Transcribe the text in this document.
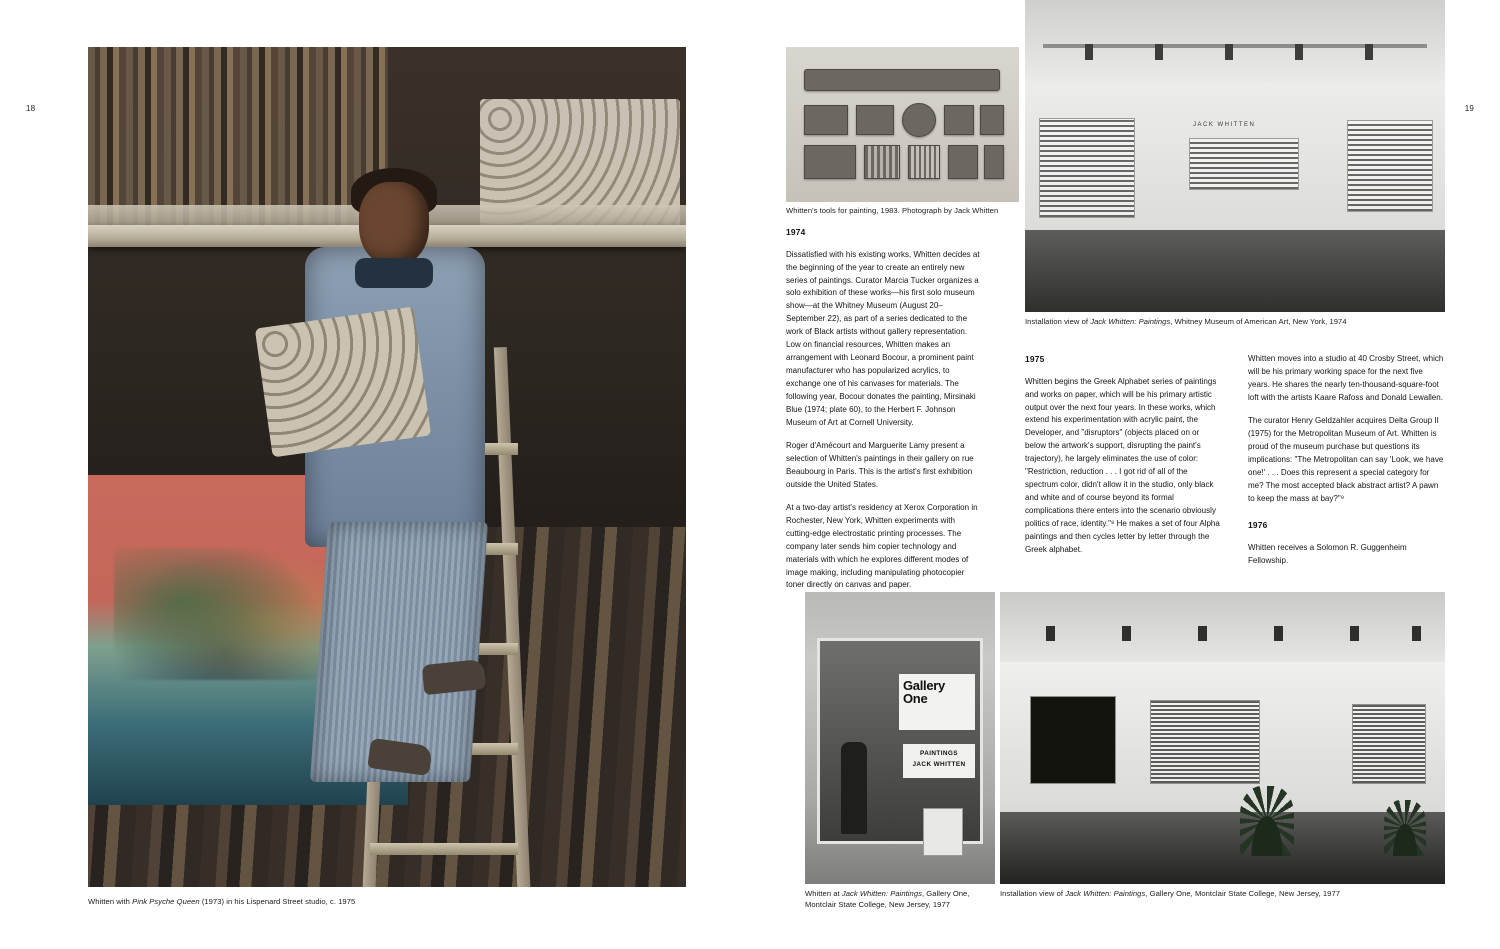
18	19
Whitten with Pink Psyche Queen (1973) in his Lispenard Street studio, c. 1975
Whitten's tools for painting, 1983. Photograph by Jack Whitten
JACK WHITTEN
Installation view of Jack Whitten: Paintings, Whitney Museum of American Art, New York, 1974
1974

Dissatisfied with his existing works, Whitten decides at the beginning of the year to create an entirely new series of paintings. Curator Marcia Tucker organizes a solo exhibition of these works—his first solo museum show—at the Whitney Museum (August 20–September 22), as part of a series dedicated to the work of Black artists without gallery representation. Low on financial resources, Whitten makes an arrangement with Leonard Bocour, a prominent paint manufacturer who has popularized acrylics, to exchange one of his canvases for materials. The following year, Bocour donates the painting, Mirsinaki Blue (1974; plate 60), to the Herbert F. Johnson Museum of Art at Cornell University.

Roger d'Amécourt and Marguerite Lamy present a selection of Whitten's paintings in their gallery on rue Beaubourg in Paris. This is the artist's first exhibition outside the United States.

At a two-day artist's residency at Xerox Corporation in Rochester, New York, Whitten experiments with cutting-edge electrostatic printing processes. The company later sends him copier technology and materials with which he explores different modes of image making, including manipulating photocopier toner directly on canvas and paper.

1975

Whitten begins the Greek Alphabet series of paintings and works on paper, which will be his primary artistic output over the next four years. In these works, which extend his experimentation with acrylic paint, the Developer, and "disruptors" (objects placed on or below the artwork's support, disrupting the paint's trajectory), he largely eliminates the use of color: "Restriction, reduction . . . I got rid of all of the spectrum color, didn't allow it in the studio, only black and white and of course beyond its formal complications there enters into the scenario obviously politics of race, identity."⁸ He makes a set of four Alpha paintings and then cycles letter by letter through the Greek alphabet.

Whitten moves into a studio at 40 Crosby Street, which will be his primary working space for the next five years. He shares the nearly ten-thousand-square-foot loft with the artists Kaare Rafoss and Donald Lewallen.

The curator Henry Geldzahler acquires Delta Group II (1975) for the Metropolitan Museum of Art. Whitten is proud of the museum purchase but questions its implications: "The Metropolitan can say 'Look, we have one!' . . . Does this represent a special category for me? The most accepted black abstract artist? A pawn to keep the mass at bay?"⁹

1976

Whitten receives a Solomon R. Guggenheim Fellowship.

Gallery
One
PAINTINGS
JACK WHITTEN
Whitten at Jack Whitten: Paintings, Gallery One, Montclair State College, New Jersey, 1977
Installation view of Jack Whitten: Paintings, Gallery One, Montclair State College, New Jersey, 1977
